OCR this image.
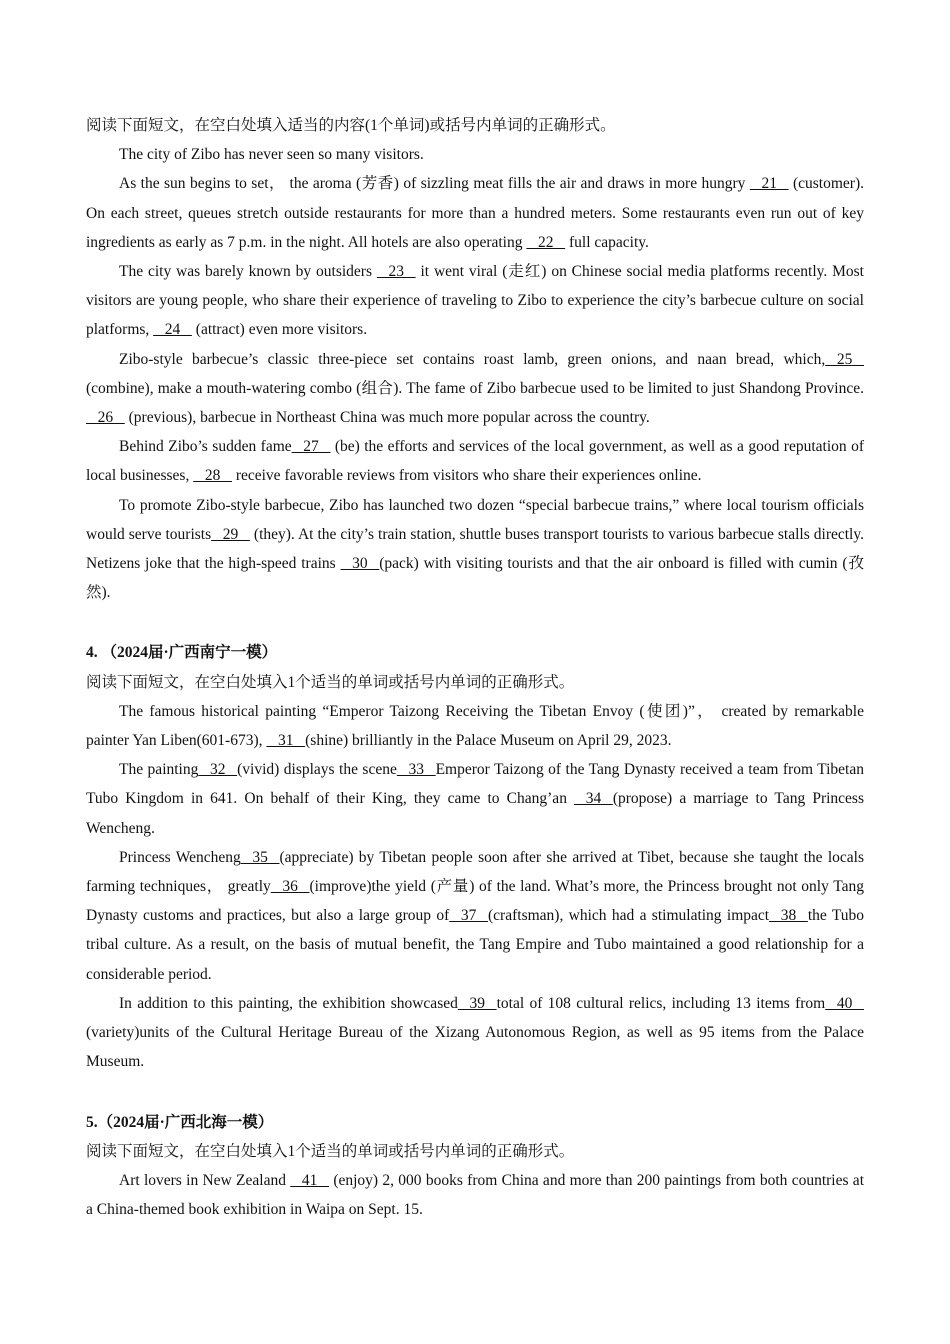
阅读下面短文，在空白处填入适当的内容(1个单词)或括号内单词的正确形式。

The city of Zibo has never seen so many visitors.

As the sun begins to set， the aroma (芳香) of sizzling meat fills the air and draws in more hungry    21    (customer). On each street, queues stretch outside restaurants for more than a hundred meters. Some restaurants even run out of key ingredients as early as 7 p.m. in the night. All hotels are also operating    22    full capacity.

The city was barely known by outsiders    23    it went viral (走红) on Chinese social media platforms recently. Most visitors are young people, who share their experience of traveling to Zibo to experience the city’s barbecue culture on social platforms,    24    (attract) even more visitors.

Zibo-style barbecue’s classic three-piece set contains roast lamb, green onions, and naan bread, which,   25    (combine), make a mouth-watering combo (组合). The fame of Zibo barbecue used to be limited to just Shandong Province.    26    (previous), barbecue in Northeast China was much more popular across the country.

Behind Zibo’s sudden fame   27    (be) the efforts and services of the local government, as well as a good reputation of local businesses,    28    receive favorable reviews from visitors who share their experiences online.

To promote Zibo-style barbecue, Zibo has launched two dozen “special barbecue trains,” where local tourism officials would serve tourists   29    (they). At the city’s train station, shuttle buses transport tourists to various barbecue stalls directly. Netizens joke that the high-speed trains    30   (pack) with visiting tourists and that the air onboard is filled with cumin (孜然).

4. （2024届·广西南宁一模）

阅读下面短文，在空白处填入1个适当的单词或括号内单词的正确形式。

The famous historical painting “Emperor Taizong Receiving the Tibetan Envoy (使团)”， created by remarkable painter Yan Liben(601-673),    31   (shine) brilliantly in the Palace Museum on April 29, 2023.

The painting   32   (vivid) displays the scene   33   Emperor Taizong of the Tang Dynasty received a team from Tibetan Tubo Kingdom in 641. On behalf of their King, they came to Chang’an    34   (propose) a marriage to Tang Princess Wencheng.

Princess Wencheng   35   (appreciate) by Tibetan people soon after she arrived at Tibet, because she taught the locals farming techniques， greatly   36   (improve)the yield (产量) of the land. What’s more, the Princess brought not only Tang Dynasty customs and practices, but also a large group of   37   (craftsman), which had a stimulating impact   38   the Tubo tribal culture. As a result, on the basis of mutual benefit, the Tang Empire and Tubo maintained a good relationship for a considerable period.

In addition to this painting, the exhibition showcased   39   total of 108 cultural relics, including 13 items from   40   (variety)units of the Cultural Heritage Bureau of the Xizang Autonomous Region, as well as 95 items from the Palace Museum.

5.（2024届·广西北海一模）

阅读下面短文，在空白处填入1个适当的单词或括号内单词的正确形式。

Art lovers in New Zealand    41    (enjoy) 2, 000 books from China and more than 200 paintings from both countries at a China-themed book exhibition in Waipa on Sept. 15.
